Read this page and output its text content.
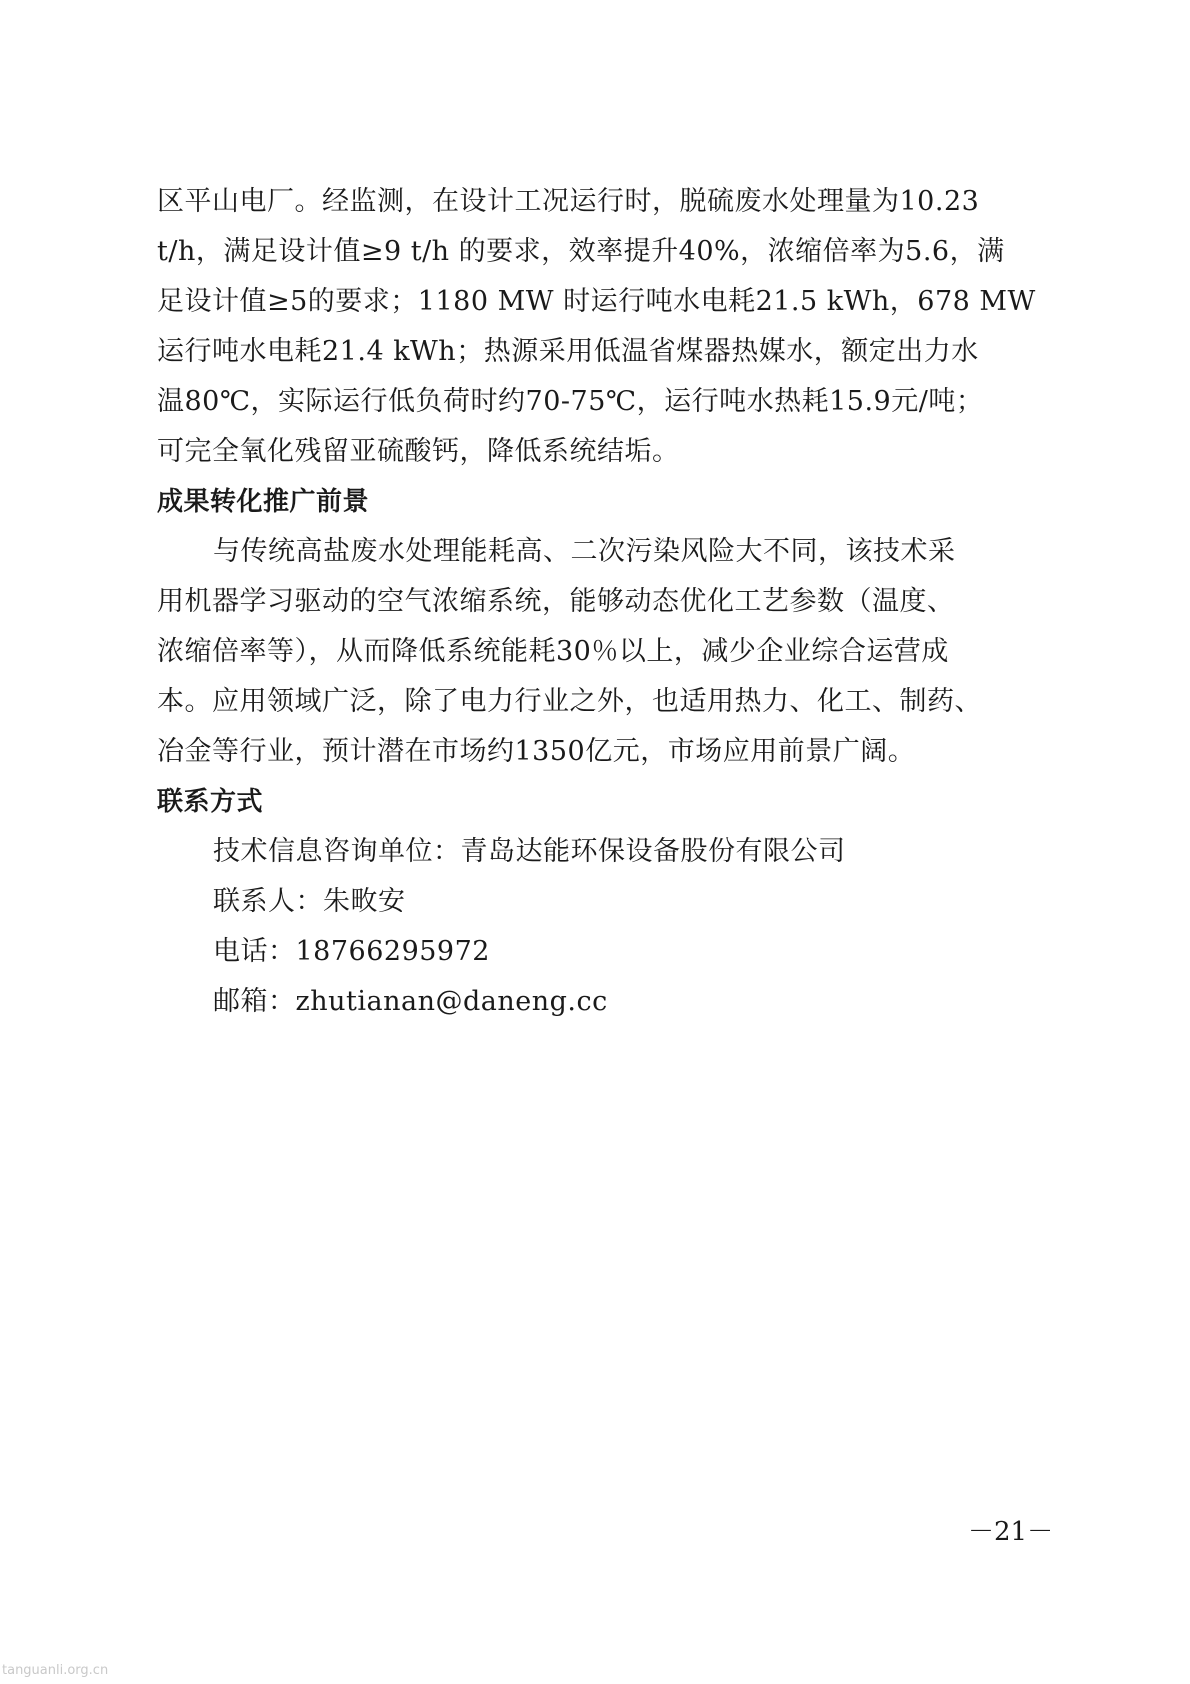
区平山电厂。经监测，在设计工况运行时，脱硫废水处理量为10.23
t/h，满足设计值≥9 t/h 的要求，效率提升40%，浓缩倍率为5.6，满
足设计值≥5的要求；1180 MW 时运行吨水电耗21.5 kWh，678 MW
运行吨水电耗21.4 kWh；热源采用低温省煤器热媒水，额定出力水
温80℃，实际运行低负荷时约70-75℃，运行吨水热耗15.9元/吨；
可完全氧化残留亚硫酸钙，降低系统结垢。
成果转化推广前景
与传统高盐废水处理能耗高、二次污染风险大不同，该技术采
用机器学习驱动的空气浓缩系统，能够动态优化工艺参数（温度、
浓缩倍率等），从而降低系统能耗30％以上，减少企业综合运营成
本。应用领域广泛，除了电力行业之外，也适用热力、化工、制药、
冶金等行业，预计潜在市场约1350亿元，市场应用前景广阔。
联系方式
技术信息咨询单位：青岛达能环保设备股份有限公司
联系人：朱畋安
电话：18766295972
邮箱：zhutianan@daneng.cc
－21－
tanguanli.org.cn
